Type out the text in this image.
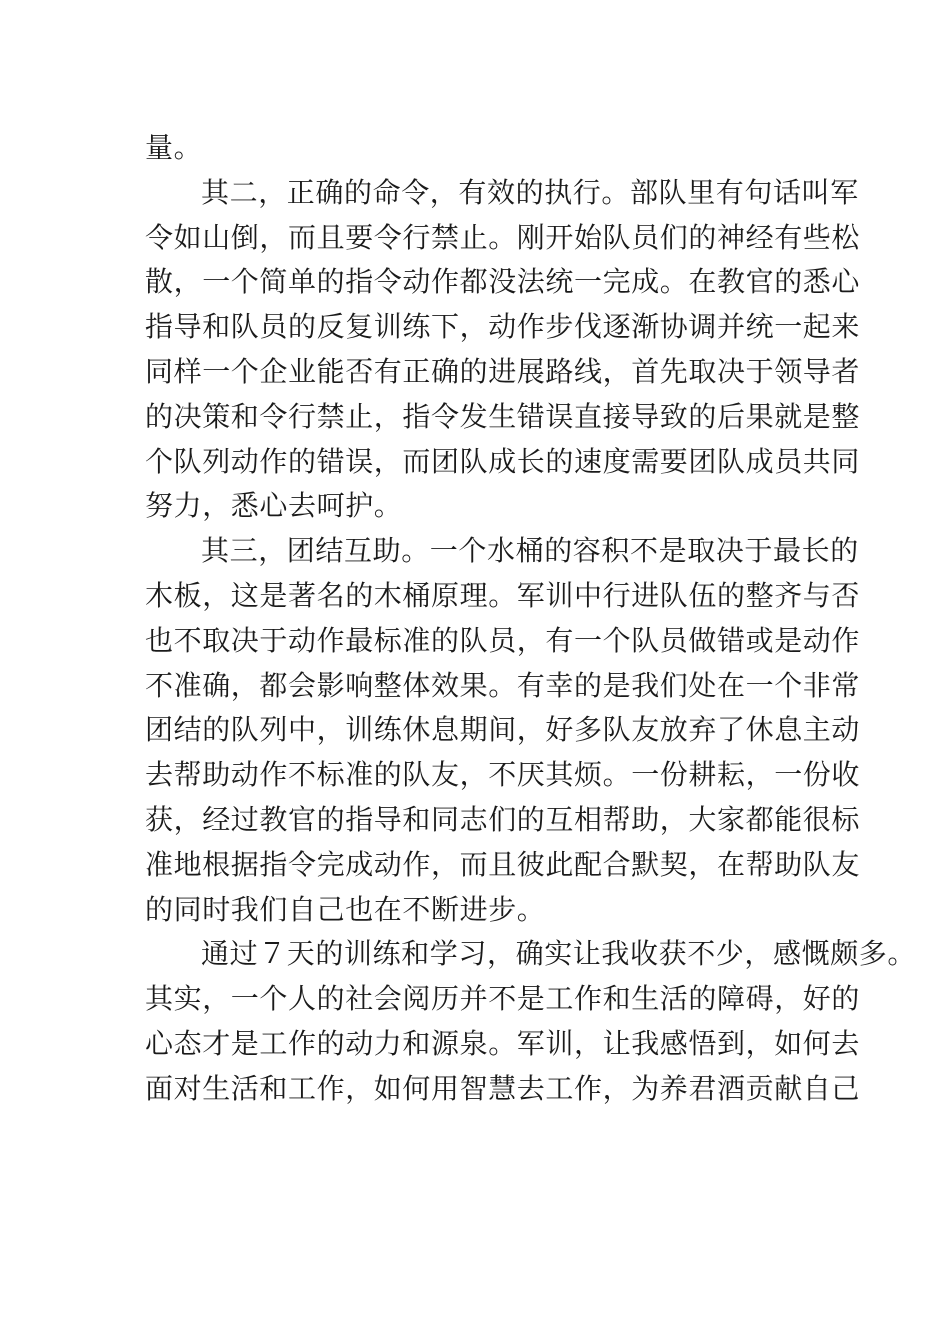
量。
其二，正确的命令，有效的执行。部队里有句话叫军
令如山倒，而且要令行禁止。刚开始队员们的神经有些松
散，一个简单的指令动作都没法统一完成。在教官的悉心
指导和队员的反复训练下，动作步伐逐渐协调并统一起来
同样一个企业能否有正确的进展路线，首先取决于领导者
的决策和令行禁止，指令发生错误直接导致的后果就是整
个队列动作的错误，而团队成长的速度需要团队成员共同
努力，悉心去呵护。
其三，团结互助。一个水桶的容积不是取决于最长的
木板，这是著名的木桶原理。军训中行进队伍的整齐与否
也不取决于动作最标准的队员，有一个队员做错或是动作
不准确，都会影响整体效果。有幸的是我们处在一个非常
团结的队列中，训练休息期间，好多队友放弃了休息主动
去帮助动作不标准的队友，不厌其烦。一份耕耘，一份收
获，经过教官的指导和同志们的互相帮助，大家都能很标
准地根据指令完成动作，而且彼此配合默契，在帮助队友
的同时我们自己也在不断进步。
通过７天的训练和学习，确实让我收获不少，感慨颇多。
其实，一个人的社会阅历并不是工作和生活的障碍，好的
心态才是工作的动力和源泉。军训，让我感悟到，如何去
面对生活和工作，如何用智慧去工作，为养君酒贡献自己
